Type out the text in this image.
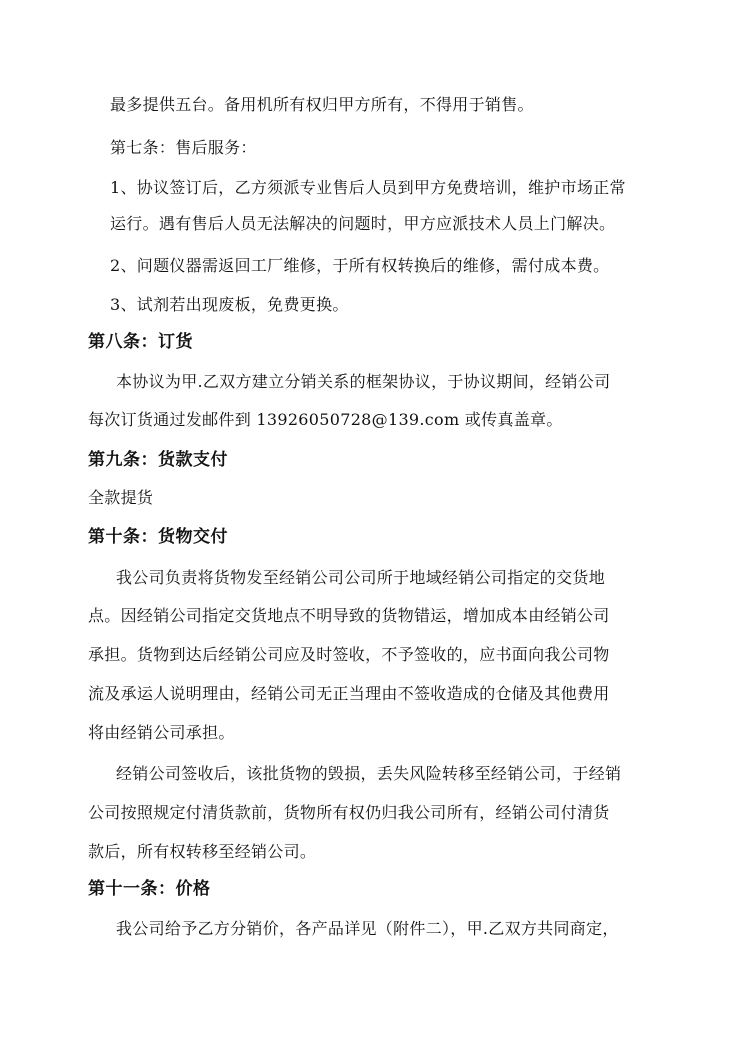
最多提供五台。备用机所有权归甲方所有，不得用于销售。
第七条：售后服务：
1、协议签订后，乙方须派专业售后人员到甲方免费培训，维护市场正常
运行。遇有售后人员无法解决的问题时，甲方应派技术人员上门解决。
2、问题仪器需返回工厂维修，于所有权转换后的维修，需付成本费。
3、试剂若出现废板，免费更换。
第八条：订货
本协议为甲.乙双方建立分销关系的框架协议，于协议期间，经销公司
每次订货通过发邮件到 13926050728@139.com 或传真盖章。
第九条：货款支付
全款提货
第十条：货物交付
我公司负责将货物发至经销公司公司所于地域经销公司指定的交货地
点。因经销公司指定交货地点不明导致的货物错运，增加成本由经销公司
承担。货物到达后经销公司应及时签收，不予签收的，应书面向我公司物
流及承运人说明理由，经销公司无正当理由不签收造成的仓储及其他费用
将由经销公司承担。
经销公司签收后，该批货物的毁损，丢失风险转移至经销公司，于经销
公司按照规定付清货款前，货物所有权仍归我公司所有，经销公司付清货
款后，所有权转移至经销公司。
第十一条：价格
我公司给予乙方分销价，各产品详见（附件二），甲.乙双方共同商定，
